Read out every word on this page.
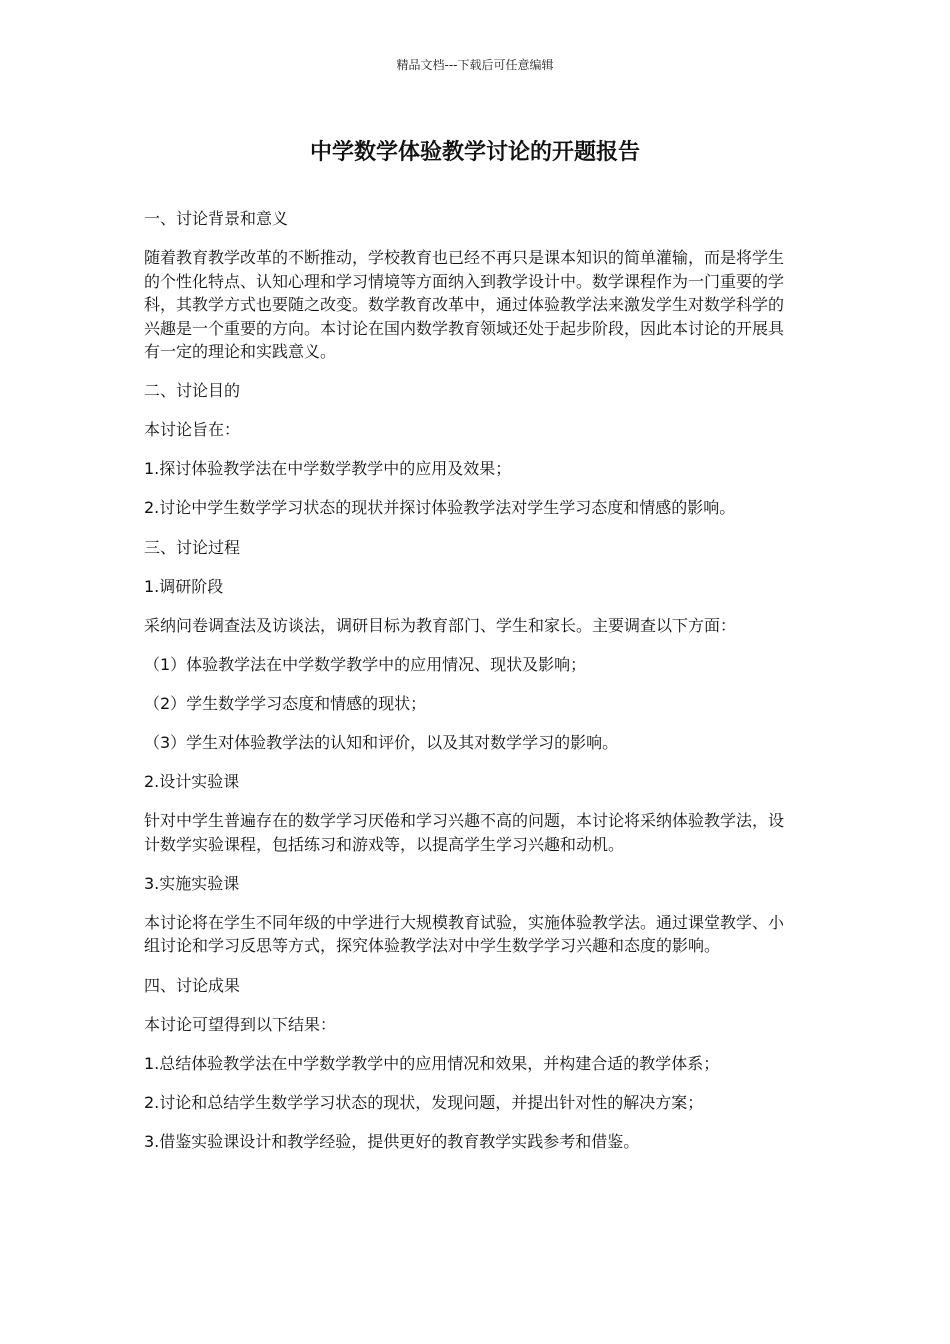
精品文档---下载后可任意编辑
中学数学体验教学讨论的开题报告

一、讨论背景和意义

随着教育教学改革的不断推动，学校教育也已经不再只是课本知识的简单灌输，而是将学生的个性化特点、认知心理和学习情境等方面纳入到教学设计中。数学课程作为一门重要的学科，其教学方式也要随之改变。数学教育改革中，通过体验教学法来激发学生对数学科学的兴趣是一个重要的方向。本讨论在国内数学教育领域还处于起步阶段，因此本讨论的开展具有一定的理论和实践意义。

二、讨论目的

本讨论旨在：

1.探讨体验教学法在中学数学教学中的应用及效果；

2.讨论中学生数学学习状态的现状并探讨体验教学法对学生学习态度和情感的影响。

三、讨论过程

1.调研阶段

采纳问卷调查法及访谈法，调研目标为教育部门、学生和家长。主要调查以下方面：

（1）体验教学法在中学数学教学中的应用情况、现状及影响；

（2）学生数学学习态度和情感的现状；

（3）学生对体验教学法的认知和评价，以及其对数学学习的影响。

2.设计实验课

针对中学生普遍存在的数学学习厌倦和学习兴趣不高的问题，本讨论将采纳体验教学法，设计数学实验课程，包括练习和游戏等，以提高学生学习兴趣和动机。

3.实施实验课

本讨论将在学生不同年级的中学进行大规模教育试验，实施体验教学法。通过课堂教学、小组讨论和学习反思等方式，探究体验教学法对中学生数学学习兴趣和态度的影响。

四、讨论成果

本讨论可望得到以下结果：

1.总结体验教学法在中学数学教学中的应用情况和效果，并构建合适的教学体系；

2.讨论和总结学生数学学习状态的现状，发现问题，并提出针对性的解决方案；

3.借鉴实验课设计和教学经验，提供更好的教育教学实践参考和借鉴。
